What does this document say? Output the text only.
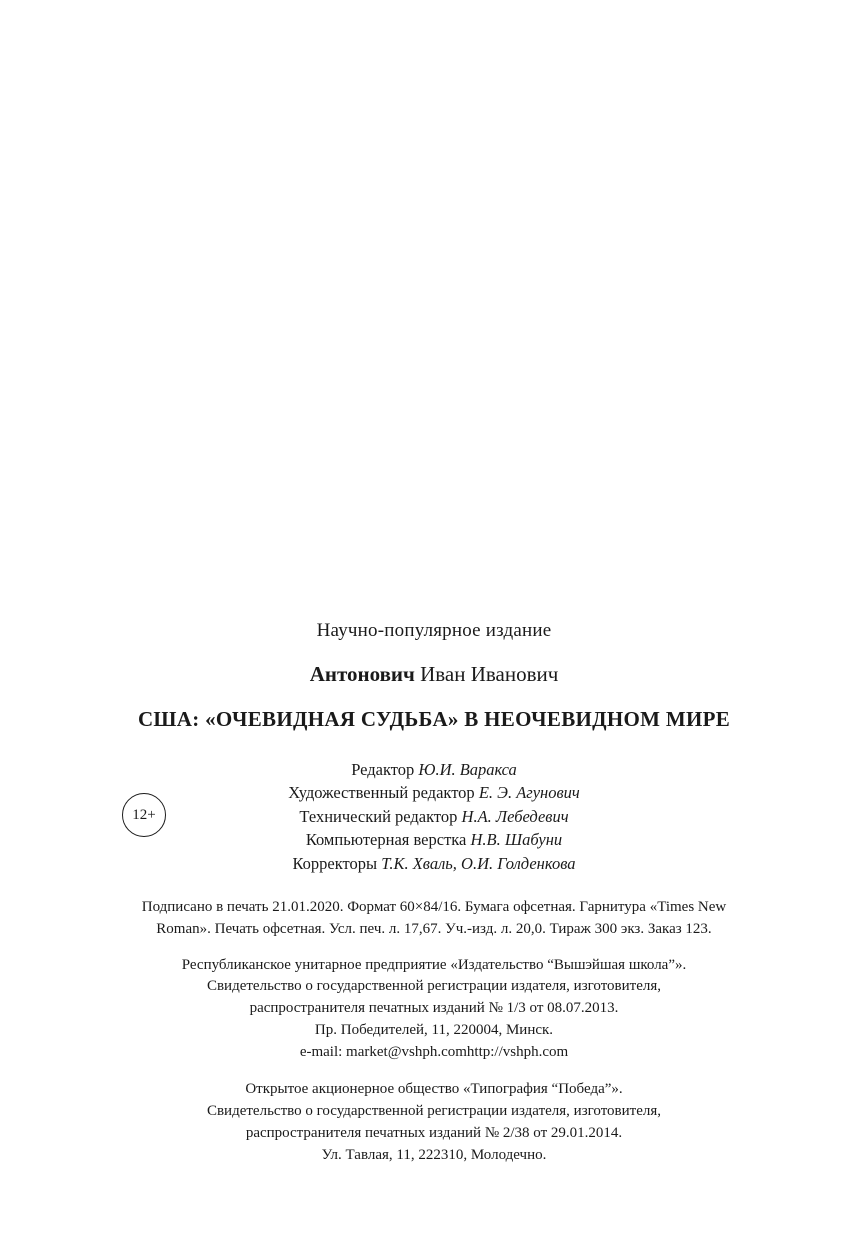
12+
Научно-популярное издание
Антонович Иван Иванович
США: «ОЧЕВИДНАЯ СУДЬБА» В НЕОЧЕВИДНОМ МИРЕ
Редактор Ю.И. Варакса
Художественный редактор Е. Э. Агунович
Технический редактор Н.А. Лебедевич
Компьютерная верстка Н.В. Шабуни
Корректоры Т.К. Хваль, О.И. Голденкова
Подписано в печать 21.01.2020. Формат 60×84/16. Бумага офсетная. Гарнитура «Times New
Roman». Печать офсетная. Усл. печ. л. 17,67. Уч.-изд. л. 20,0. Тираж 300 экз. Заказ 123.
Республиканское унитарное предприятие «Издательство “Вышэйшая школа”».
Свидетельство о государственной регистрации издателя, изготовителя,
распространителя печатных изданий № 1/3 от 08.07.2013.
Пр. Победителей, 11, 220004, Минск.
e-mail: market@vshph.comhttp://vshph.com
Открытое акционерное общество «Типография “Победа”».
Свидетельство о государственной регистрации издателя, изготовителя,
распространителя печатных изданий № 2/38 от 29.01.2014.
Ул. Тавлая, 11, 222310, Молодечно.
